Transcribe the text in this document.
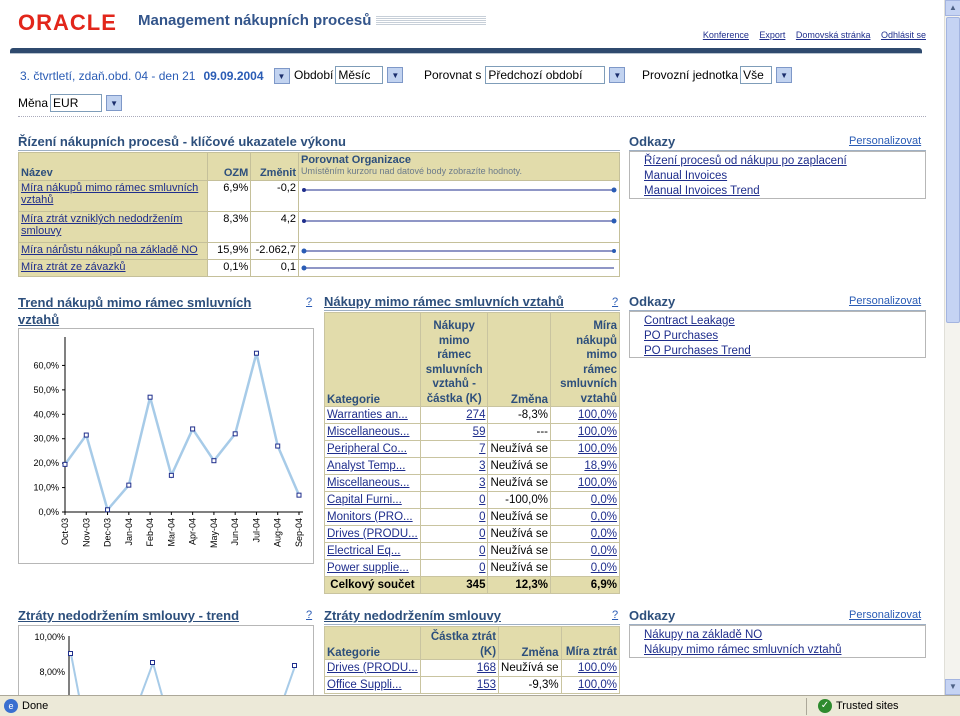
ORACLE Management nákupních procesů
Konference Export Domovská stránka Odhlásit se
3. čtvrtletí, zdaň.obd. 04 - den 21 09.09.2004	▼ Období Měsíc	▼	Porovnat s Předchozí období	▼	Provozní jednotka Vše	▼
Měna EUR	▼
Řízení nákupních procesů - klíčové ukazatele výkonu
Název	OZM	Změnit	Porovnat Organizace
Umístěním kurzoru nad datové body zobrazíte hodnoty.

Míra nákupů mimo rámec smluvních vztahů	6,9%	-0,2	

Míra ztrát vzniklých nedodržením smlouvy	8,3%	4,2	

Míra nárůstu nákupů na základě NO	15,9%	-2.062,7	

Míra ztrát ze závazků	0,1%	0,1	
Odkazy	Personalizovat
Řízení procesů od nákupu po zaplacení
Manual Invoices
Manual Invoices Trend
Trend nákupů mimo rámec smluvních vztahů
?
0,0%
10,0%
20,0%
30,0%
40,0%
50,0%
60,0%
Oct-03 Nov-03 Dec-03 Jan-04 Feb-04 Mar-04 Apr-04 May-04 Jun-04 Jul-04 Aug-04 Sep-04
Nákupy mimo rámec smluvních vztahů	?
Kategorie	Nákupy mimo rámec smluvních vztahů - částka (K)	Změna	Míra nákupů mimo rámec smluvních vztahů
Warranties an...	274	-8,3%	100,0%
Miscellaneous...	59	---	100,0%
Peripheral Co...	7	Neužívá se	100,0%
Analyst Temp...	3	Neužívá se	18,9%
Miscellaneous...	3	Neužívá se	100,0%
Capital Furni...	0	-100,0%	0,0%
Monitors (PRO...	0	Neužívá se	0,0%
Drives (PRODU...	0	Neužívá se	0,0%
Electrical Eq...	0	Neužívá se	0,0%
Power supplie...	0	Neužívá se	0,0%
Celkový součet	345	12,3%	6,9%
Odkazy	Personalizovat
Contract Leakage
PO Purchases
PO Purchases Trend
Ztráty nedodržením smlouvy - trend	?
10,00%
8,00%
Ztráty nedodržením smlouvy	?
Kategorie	Částka ztrát (K)	Změna	Míra ztrát
Drives (PRODU...	168	Neužívá se	100,0%
Office Suppli...	153	-9,3%	100,0%
Odkazy	Personalizovat
Nákupy na základě NO
Nákupy mimo rámec smluvních vztahů
▲
▼
e Done	✓ Trusted sites
